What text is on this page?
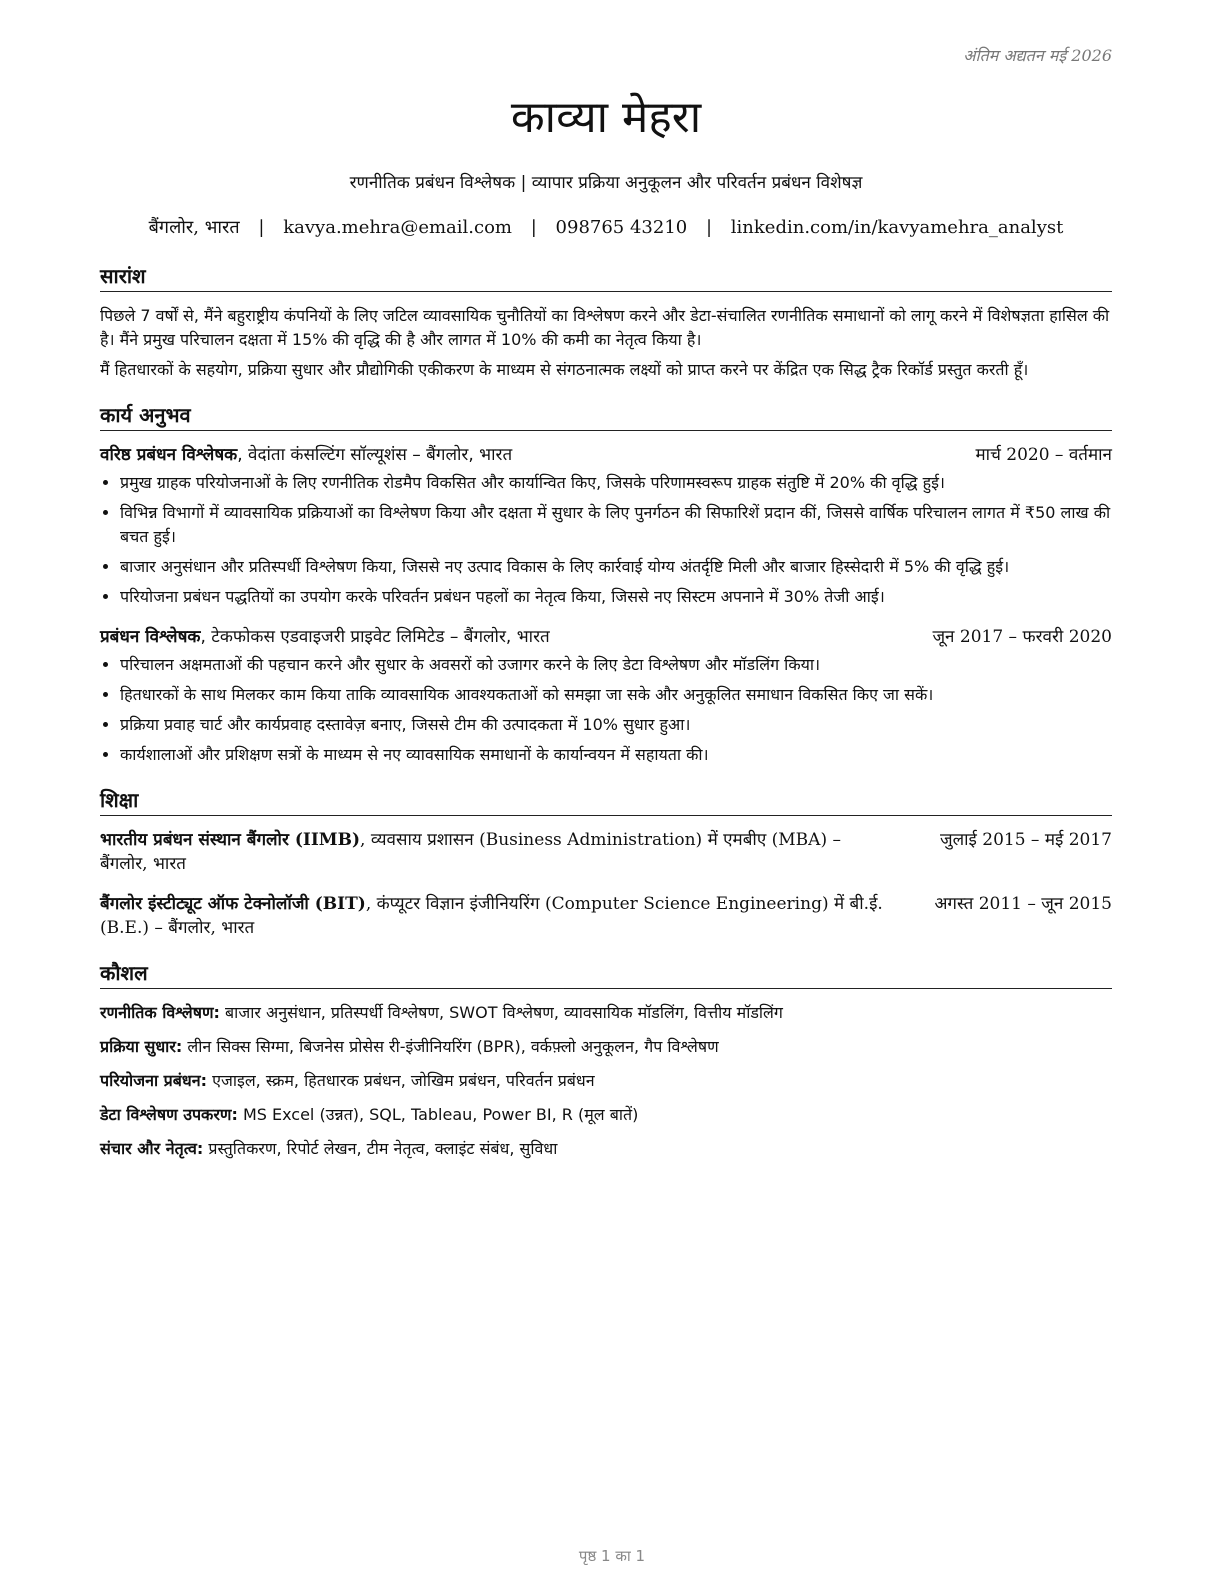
अंतिम अद्यतन मई 2026
काव्या मेहरा
रणनीतिक प्रबंधन विश्लेषक | व्यापार प्रक्रिया अनुकूलन और परिवर्तन प्रबंधन विशेषज्ञ
बैंगलोर, भारत | kavya.mehra@email.com | 098765 43210 | linkedin.com/in/kavyamehra_analyst
सारांश

पिछले 7 वर्षों से, मैंने बहुराष्ट्रीय कंपनियों के लिए जटिल व्यावसायिक चुनौतियों का विश्लेषण करने और डेटा-संचालित रणनीतिक समाधानों को लागू करने में विशेषज्ञता हासिल की है। मैंने प्रमुख परिचालन दक्षता में 15% की वृद्धि की है और लागत में 10% की कमी का नेतृत्व किया है।

मैं हितधारकों के सहयोग, प्रक्रिया सुधार और प्रौद्योगिकी एकीकरण के माध्यम से संगठनात्मक लक्ष्यों को प्राप्त करने पर केंद्रित एक सिद्ध ट्रैक रिकॉर्ड प्रस्तुत करती हूँ।

कार्य अनुभव
वरिष्ठ प्रबंधन विश्लेषक, वेदांता कंसल्टिंग सॉल्यूशंस – बैंगलोर, भारत	मार्च 2020 – वर्तमान
• प्रमुख ग्राहक परियोजनाओं के लिए रणनीतिक रोडमैप विकसित और कार्यान्वित किए, जिसके परिणामस्वरूप ग्राहक संतुष्टि में 20% की वृद्धि हुई।
• विभिन्न विभागों में व्यावसायिक प्रक्रियाओं का विश्लेषण किया और दक्षता में सुधार के लिए पुनर्गठन की सिफारिशें प्रदान कीं, जिससे वार्षिक परिचालन लागत में ₹50 लाख की बचत हुई।
• बाजार अनुसंधान और प्रतिस्पर्धी विश्लेषण किया, जिससे नए उत्पाद विकास के लिए कार्रवाई योग्य अंतर्दृष्टि मिली और बाजार हिस्सेदारी में 5% की वृद्धि हुई।
• परियोजना प्रबंधन पद्धतियों का उपयोग करके परिवर्तन प्रबंधन पहलों का नेतृत्व किया, जिससे नए सिस्टम अपनाने में 30% तेजी आई।
प्रबंधन विश्लेषक, टेकफोकस एडवाइजरी प्राइवेट लिमिटेड – बैंगलोर, भारत	जून 2017 – फरवरी 2020
• परिचालन अक्षमताओं की पहचान करने और सुधार के अवसरों को उजागर करने के लिए डेटा विश्लेषण और मॉडलिंग किया।
• हितधारकों के साथ मिलकर काम किया ताकि व्यावसायिक आवश्यकताओं को समझा जा सके और अनुकूलित समाधान विकसित किए जा सकें।
• प्रक्रिया प्रवाह चार्ट और कार्यप्रवाह दस्तावेज़ बनाए, जिससे टीम की उत्पादकता में 10% सुधार हुआ।
• कार्यशालाओं और प्रशिक्षण सत्रों के माध्यम से नए व्यावसायिक समाधानों के कार्यान्वयन में सहायता की।
शिक्षा
भारतीय प्रबंधन संस्थान बैंगलोर (IIMB), व्यवसाय प्रशासन (Business Administration) में एमबीए (MBA) – बैंगलोर, भारत
जुलाई 2015 – मई 2017
बैंगलोर इंस्टीट्यूट ऑफ टेक्नोलॉजी (BIT), कंप्यूटर विज्ञान इंजीनियरिंग (Computer Science Engineering) में बी.ई. (B.E.) – बैंगलोर, भारत
अगस्त 2011 – जून 2015
कौशल
रणनीतिक विश्लेषण: बाजार अनुसंधान, प्रतिस्पर्धी विश्लेषण, SWOT विश्लेषण, व्यावसायिक मॉडलिंग, वित्तीय मॉडलिंग
प्रक्रिया सुधार: लीन सिक्स सिग्मा, बिजनेस प्रोसेस री-इंजीनियरिंग (BPR), वर्कफ़्लो अनुकूलन, गैप विश्लेषण
परियोजना प्रबंधन: एजाइल, स्क्रम, हितधारक प्रबंधन, जोखिम प्रबंधन, परिवर्तन प्रबंधन
डेटा विश्लेषण उपकरण: MS Excel (उन्नत), SQL, Tableau, Power BI, R (मूल बातें)
संचार और नेतृत्व: प्रस्तुतिकरण, रिपोर्ट लेखन, टीम नेतृत्व, क्लाइंट संबंध, सुविधा
पृष्ठ 1 का 1
